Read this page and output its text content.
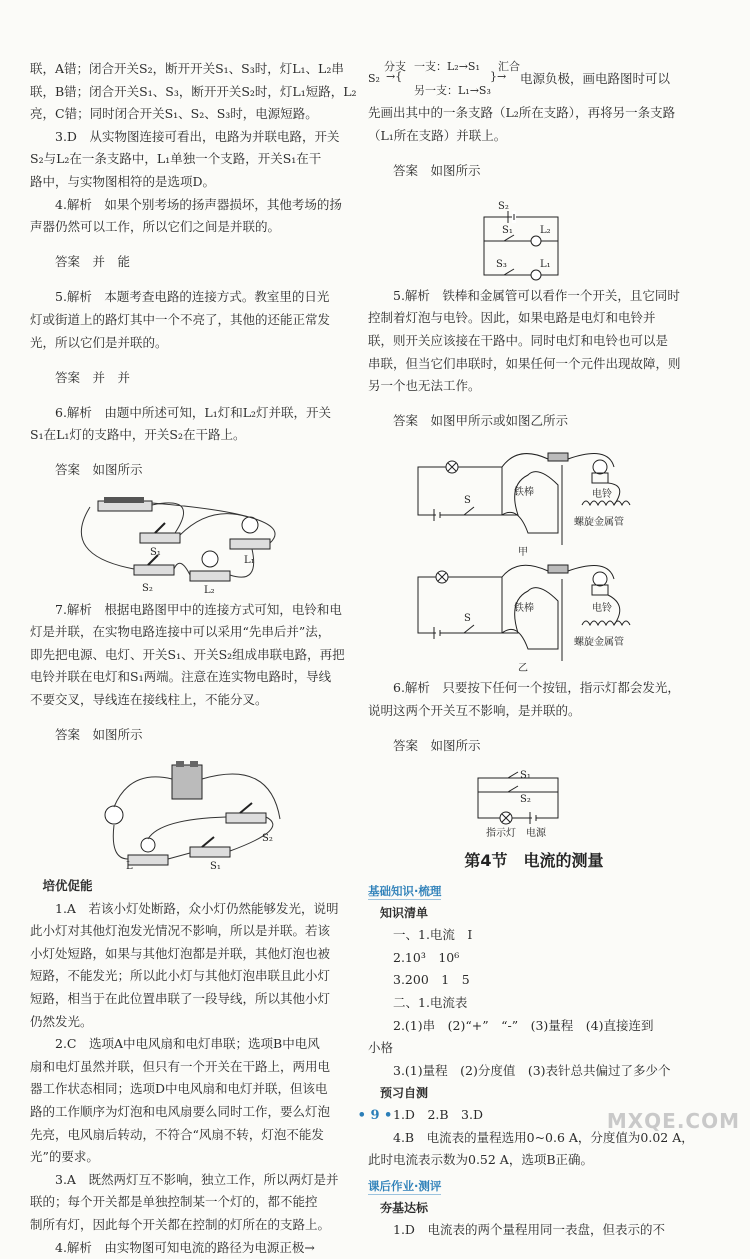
联，A错；闭合开关S₂，断开开关S₁、S₃时，灯L₁、L₂串

联，B错；闭合开关S₁、S₃，断开开关S₂时，灯L₁短路，L₂

亮，C错；同时闭合开关S₁、S₂、S₃时，电源短路。

3.D　从实物图连接可看出，电路为并联电路，开关

S₂与L₂在一条支路中，L₁单独一个支路，开关S₁在干

路中，与实物图相符的是选项D。

4.解析　如果个别考场的扬声器损坏，其他考场的扬

声器仍然可以工作，所以它们之间是并联的。

答案　并　能

5.解析　本题考查电路的连接方式。教室里的日光

灯或街道上的路灯其中一个不亮了，其他的还能正常发

光，所以它们是并联的。

答案　并　并

6.解析　由题中所述可知，L₁灯和L₂灯并联，开关

S₁在L₁灯的支路中，开关S₂在干路上。

答案　如图所示

S₁
S₂
L₁
L₂

7.解析　根据电路图甲中的连接方式可知，电铃和电

灯是并联，在实物电路连接中可以采用“先串后并”法，

即先把电源、电灯、开关S₁、开关S₂组成串联电路，再把

电铃并联在电灯和S₁两端。注意在连实物电路时，导线

不要交叉，导线连在接线柱上，不能分叉。

答案　如图所示

S₂
S₁
L

培优促能

1.A　若该小灯处断路，众小灯仍然能够发光，说明

此小灯对其他灯泡发光情况不影响，所以是并联。若该

小灯处短路，如果与其他灯泡都是并联，其他灯泡也被

短路，不能发光；所以此小灯与其他灯泡串联且此小灯

短路，相当于在此位置串联了一段导线，所以其他小灯

仍然发光。

2.C　选项A中电风扇和电灯串联；选项B中电风

扇和电灯虽然并联，但只有一个开关在干路上，两用电

器工作状态相同；选项D中电风扇和电灯并联，但该电

路的工作顺序为灯泡和电风扇要么同时工作，要么灯泡

先亮，电风扇后转动，不符合“风扇不转，灯泡不能发

光”的要求。

3.A　既然两灯互不影响，独立工作，所以两灯是并

联的；每个开关都是单独控制某一个灯的，都不能控

制所有灯，因此每个开关都在控制的灯所在的支路上。

4.解析　由实物图可知电流的路径为电源正极→

S₂
分支
→{
一支：L₂→S₁
另一支：L₁→S₃
汇合
}→ 电源负极，画电路图时可以

先画出其中的一条支路（L₂所在支路），再将另一条支路

（L₁所在支路）并联上。

答案　如图所示

S₂
S₁	L₂
S₃	L₁

5.解析　铁棒和金属管可以看作一个开关，且它同时

控制着灯泡与电铃。因此，如果电路是电灯和电铃并

联，则开关应该接在干路中。同时电灯和电铃也可以是

串联，但当它们串联时，如果任何一个元件出现故障，则

另一个也无法工作。

答案　如图甲所示或如图乙所示

S
铁棒	电铃
螺旋金属管
甲
S
铁棒	电铃
螺旋金属管
乙

6.解析　只要按下任何一个按钮，指示灯都会发光，

说明这两个开关互不影响，是并联的。

答案　如图所示

S₁
S₂
指示灯 电源
第4节　电流的测量
基础知识·梳理
知识清单

一、1.电流　I

2.10³　10⁶

3.200　1　5

二、1.电流表

2.(1)串　(2)“+”　“-”　(3)量程　(4)直接连到

小格

3.(1)量程　(2)分度值　(3)表针总共偏过了多少个

预习自测

1.D　2.B　3.D

4.B　电流表的量程选用0~0.6 A，分度值为0.02 A，

此时电流表示数为0.52 A，选项B正确。

课后作业·测评
夯基达标

1.D　电流表的两个量程用同一表盘，但表示的不

• 9 •	MXQE.COM
